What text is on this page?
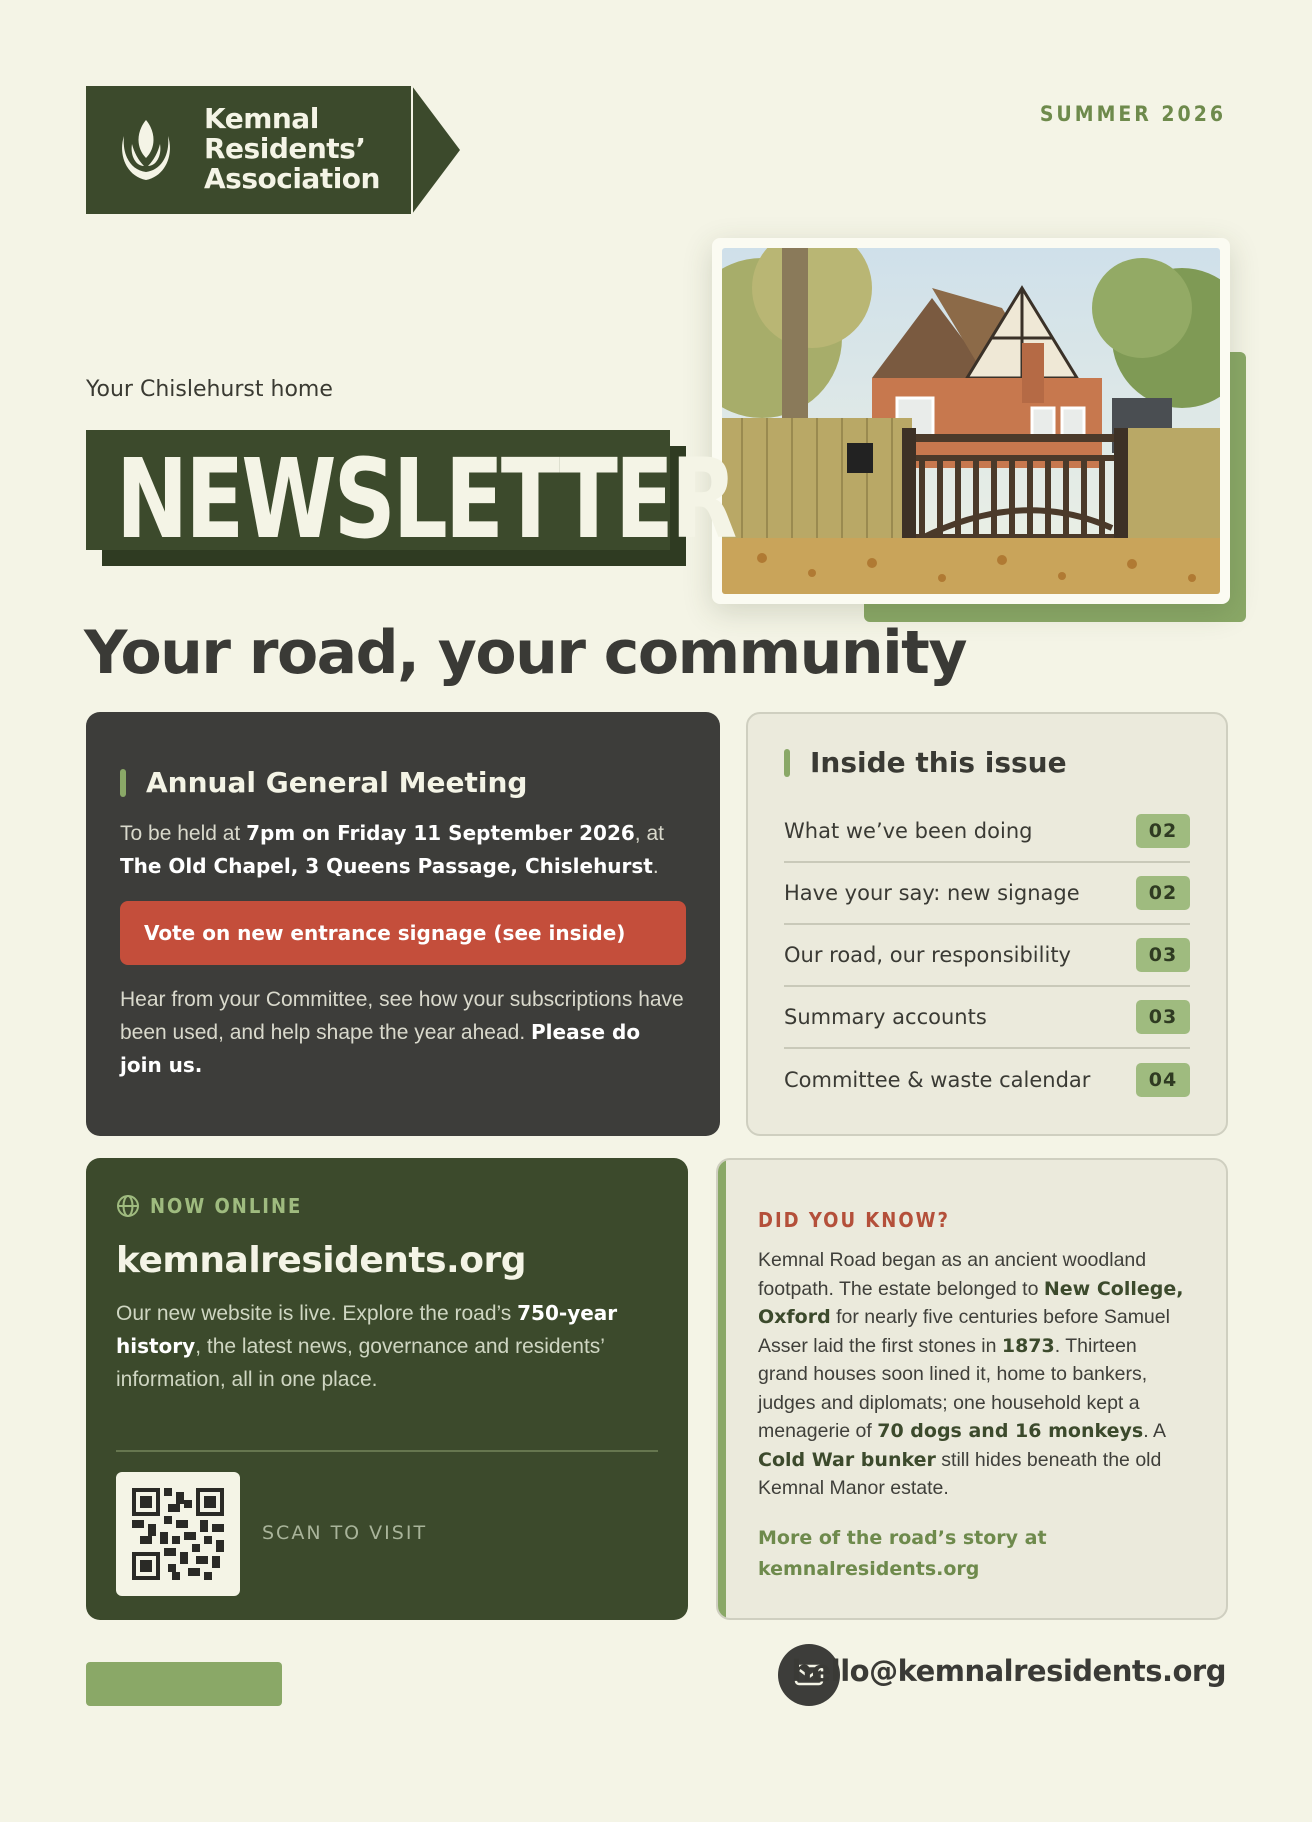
Kemnal
Residents’
Association
SUMMER 2026
Your Chislehurst home
NEWSLETTER
Your road, your community
Annual General Meeting

To be held at 7pm on Friday 11 September 2026, at The Old Chapel, 3 Queens Passage, Chislehurst.

Vote on new entrance signage (see inside)

Hear from your Committee, see how your subscriptions have been used, and help shape the year ahead. Please do join us.

Inside this issue
What we’ve been doing	02
Have your say: new signage	02
Our road, our responsibility	03
Summary accounts	03
Committee & waste calendar	04
NOW ONLINE
kemnalresidents.org

Our new website is live. Explore the road’s 750-year history, the latest news, governance and residents’ information, all in one place.

SCAN TO VISIT
DID YOU KNOW?

Kemnal Road began as an ancient woodland footpath. The estate belonged to New College, Oxford for nearly five centuries before Samuel Asser laid the first stones in 1873. Thirteen grand houses soon lined it, home to bankers, judges and diplomats; one household kept a menagerie of 70 dogs and 16 monkeys. A Cold War bunker still hides beneath the old Kemnal Manor estate.

More of the road’s story at
kemnalresidents.org
hello@kemnalresidents.org
